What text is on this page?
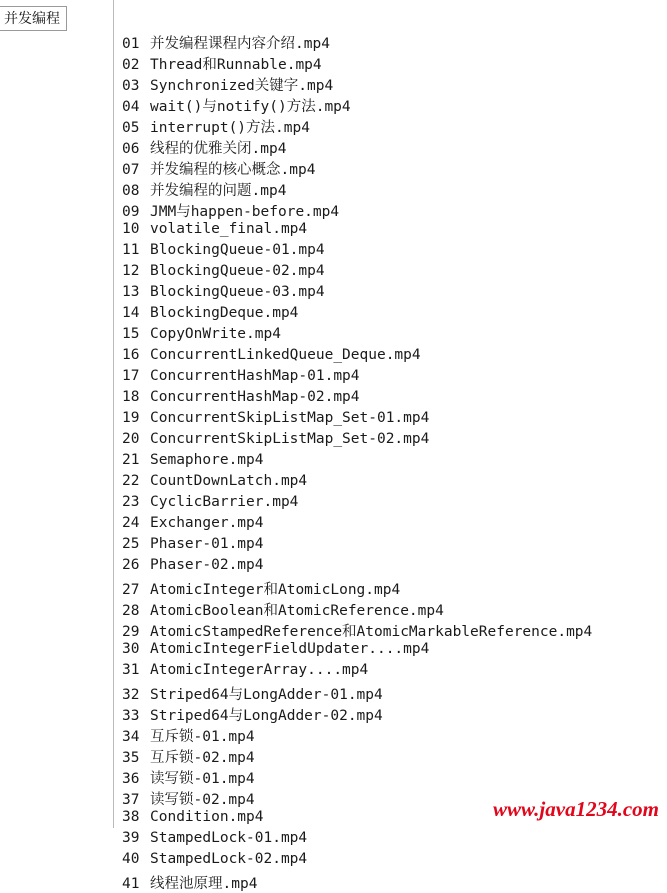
并发编程
01 并发编程课程内容介绍.mp4
02 Thread和Runnable.mp4
03 Synchronized关键字.mp4
04 wait()与notify()方法.mp4
05 interrupt()方法.mp4
06 线程的优雅关闭.mp4
07 并发编程的核心概念.mp4
08 并发编程的问题.mp4
09 JMM与happen-before.mp4
10 volatile_final.mp4
11 BlockingQueue-01.mp4
12 BlockingQueue-02.mp4
13 BlockingQueue-03.mp4
14 BlockingDeque.mp4
15 CopyOnWrite.mp4
16 ConcurrentLinkedQueue_Deque.mp4
17 ConcurrentHashMap-01.mp4
18 ConcurrentHashMap-02.mp4
19 ConcurrentSkipListMap_Set-01.mp4
20 ConcurrentSkipListMap_Set-02.mp4
21 Semaphore.mp4
22 CountDownLatch.mp4
23 CyclicBarrier.mp4
24 Exchanger.mp4
25 Phaser-01.mp4
26 Phaser-02.mp4
27 AtomicInteger和AtomicLong.mp4
28 AtomicBoolean和AtomicReference.mp4
29 AtomicStampedReference和AtomicMarkableReference.mp4
30 AtomicIntegerFieldUpdater....mp4
31 AtomicIntegerArray....mp4
32 Striped64与LongAdder-01.mp4
33 Striped64与LongAdder-02.mp4
34 互斥锁-01.mp4
35 互斥锁-02.mp4
36 读写锁-01.mp4
37 读写锁-02.mp4
38 Condition.mp4
39 StampedLock-01.mp4
40 StampedLock-02.mp4
41 线程池原理.mp4
www.java1234.com
